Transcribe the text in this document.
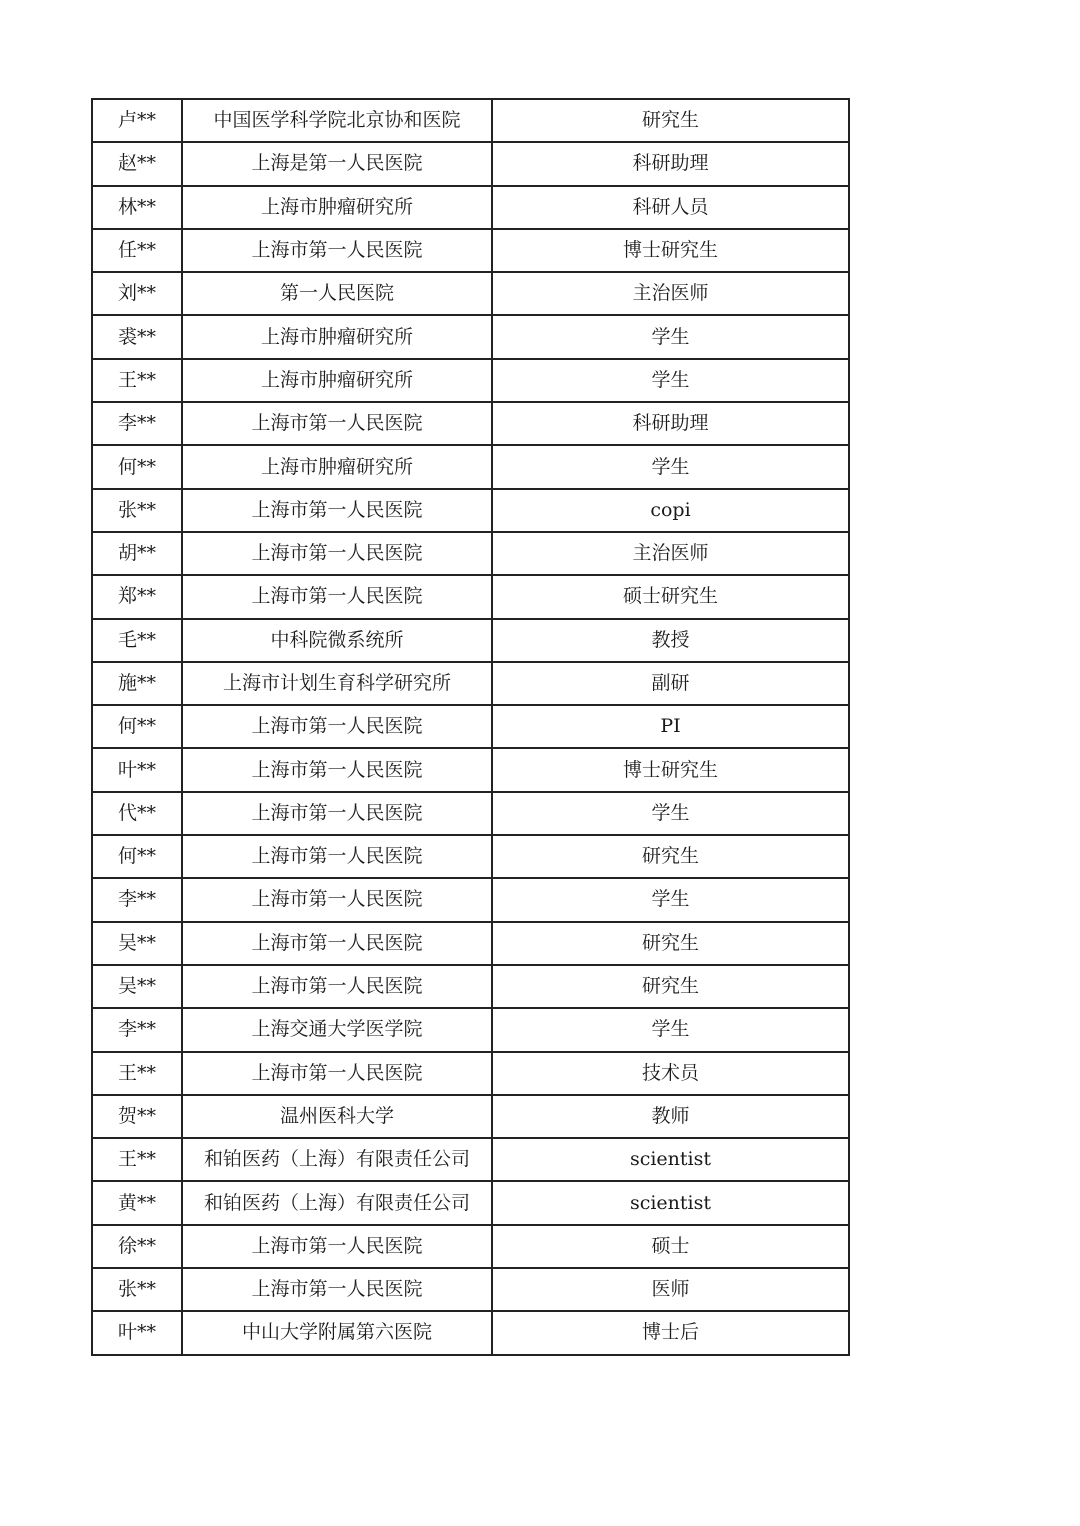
卢**	中国医学科学院北京协和医院	研究生
赵**	上海是第一人民医院	科研助理
林**	上海市肿瘤研究所	科研人员
任**	上海市第一人民医院	博士研究生
刘**	第一人民医院	主治医师
裘**	上海市肿瘤研究所	学生
王**	上海市肿瘤研究所	学生
李**	上海市第一人民医院	科研助理
何**	上海市肿瘤研究所	学生
张**	上海市第一人民医院	copi
胡**	上海市第一人民医院	主治医师
郑**	上海市第一人民医院	硕士研究生
毛**	中科院微系统所	教授
施**	上海市计划生育科学研究所	副研
何**	上海市第一人民医院	PI
叶**	上海市第一人民医院	博士研究生
代**	上海市第一人民医院	学生
何**	上海市第一人民医院	研究生
李**	上海市第一人民医院	学生
吴**	上海市第一人民医院	研究生
吴**	上海市第一人民医院	研究生
李**	上海交通大学医学院	学生
王**	上海市第一人民医院	技术员
贺**	温州医科大学	教师
王**	和铂医药（上海）有限责任公司	scientist
黄**	和铂医药（上海）有限责任公司	scientist
徐**	上海市第一人民医院	硕士
张**	上海市第一人民医院	医师
叶**	中山大学附属第六医院	博士后
